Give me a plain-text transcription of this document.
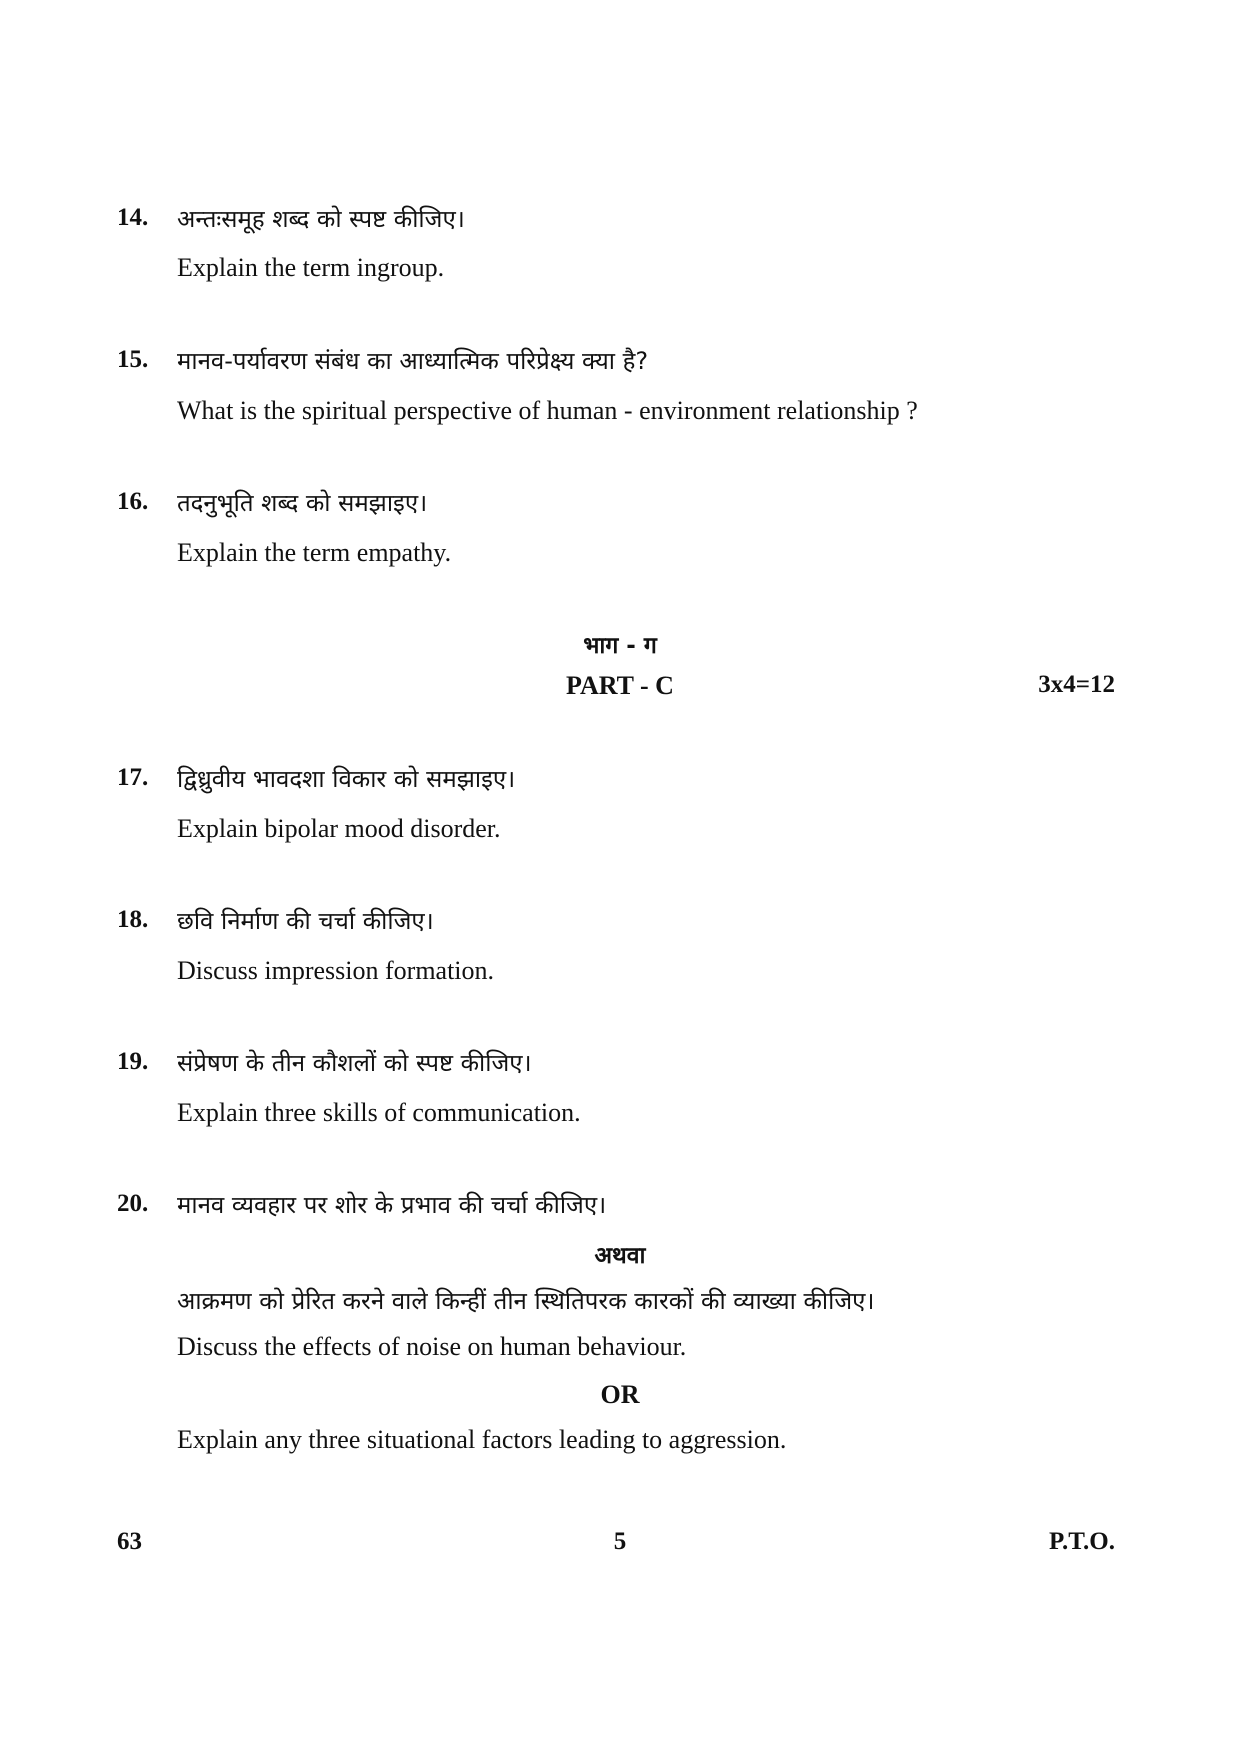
14. अन्तःसमूह शब्द को स्पष्ट कीजिए।
Explain the term ingroup.
15. मानव-पर्यावरण संबंध का आध्यात्मिक परिप्रेक्ष्य क्या है?
What is the spiritual perspective of human - environment relationship ?
16. तदनुभूति शब्द को समझाइए।
Explain the term empathy.
भाग - ग
PART - C	3x4=12
17. द्विध्रुवीय भावदशा विकार को समझाइए।
Explain bipolar mood disorder.
18. छवि निर्माण की चर्चा कीजिए।
Discuss impression formation.
19. संप्रेषण के तीन कौशलों को स्पष्ट कीजिए।
Explain three skills of communication.
20. मानव व्यवहार पर शोर के प्रभाव की चर्चा कीजिए।
अथवा
आक्रमण को प्रेरित करने वाले किन्हीं तीन स्थितिपरक कारकों की व्याख्या कीजिए।
Discuss the effects of noise on human behaviour.
OR
Explain any three situational factors leading to aggression.
63	5	P.T.O.
